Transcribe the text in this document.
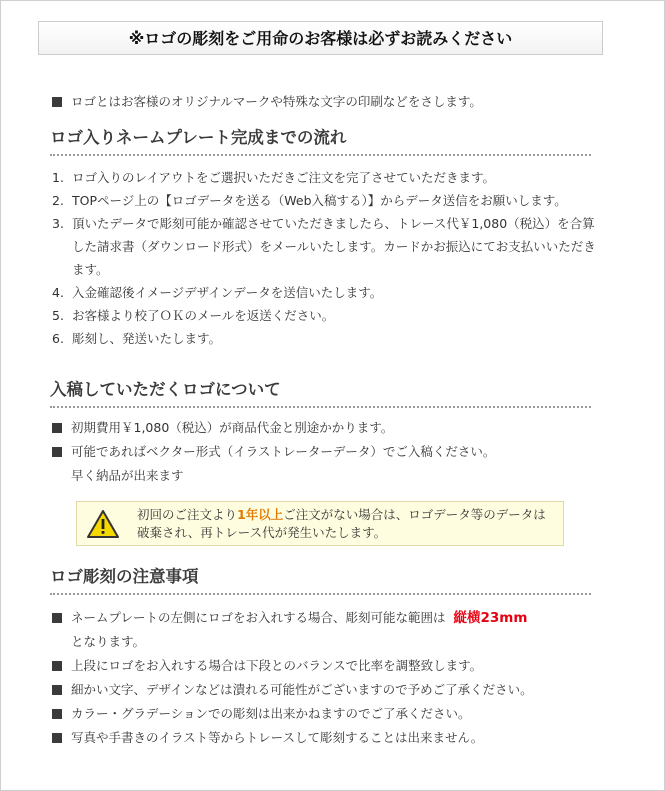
※ロゴの彫刻をご用命のお客様は必ずお読みください
ロゴとはお客様のオリジナルマークや特殊な文字の印刷などをさします。
ロゴ入りネームプレート完成までの流れ
1. ロゴ入りのレイアウトをご選択いただきご注文を完了させていただきます。
2. TOPページ上の【ロゴデータを送る（Web入稿する）】からデータ送信をお願いします。
3. 頂いたデータで彫刻可能か確認させていただきましたら、トレース代￥1,080（税込）を合算した請求書（ダウンロード形式）をメールいたします。カードかお振込にてお支払いいただきます。
4. 入金確認後イメージデザインデータを送信いたします。
5. お客様より校了ＯＫのメールを返送ください。
6. 彫刻し、発送いたします。
入稿していただくロゴについて
初期費用￥1,080（税込）が商品代金と別途かかります。
可能であればベクター形式（イラストレーターデータ）でご入稿ください。
早く納品が出来ます
初回のご注文より1年以上ご注文がない場合は、ロゴデータ等のデータは破棄され、再トレース代が発生いたします。
ロゴ彫刻の注意事項
ネームプレートの左側にロゴをお入れする場合、彫刻可能な範囲は 縦横23mm
となります。
上段にロゴをお入れする場合は下段とのバランスで比率を調整致します。
細かい文字、デザインなどは潰れる可能性がございますので予めご了承ください。
カラー・グラデーションでの彫刻は出来かねますのでご了承ください。
写真や手書きのイラスト等からトレースして彫刻することは出来ません。
